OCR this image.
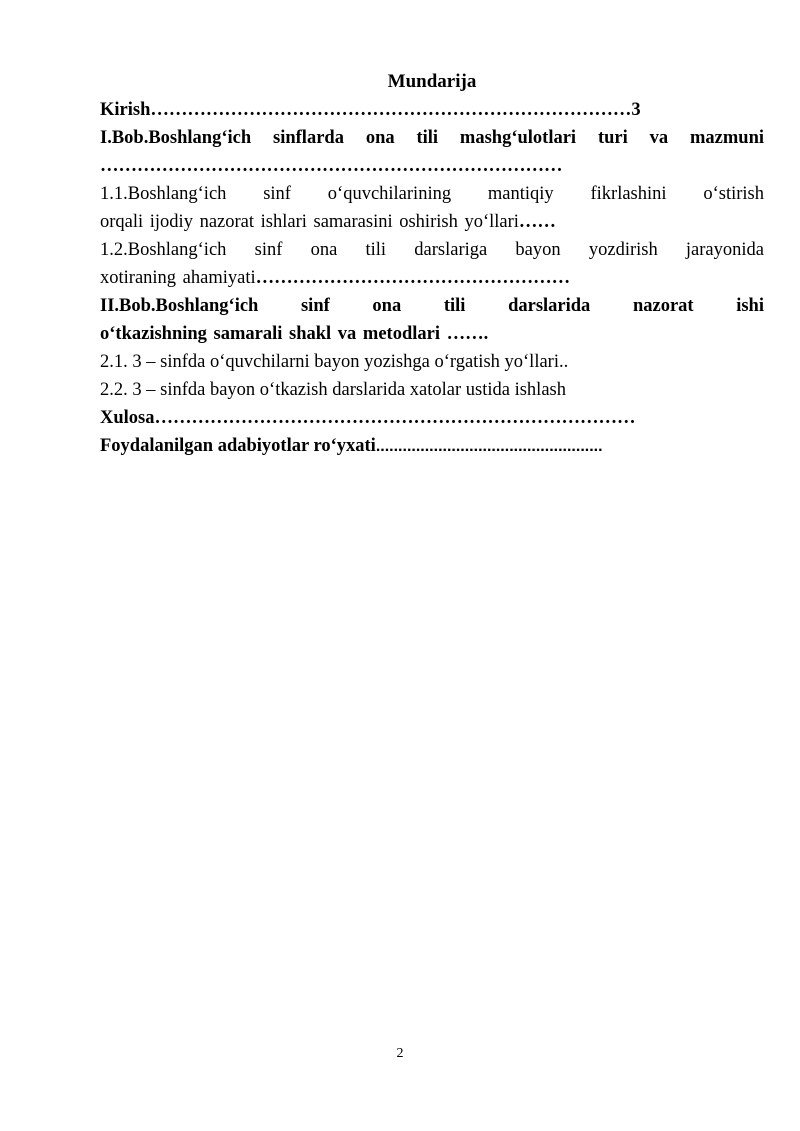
Mundarija
Kirish……………………………………………………………………3
I.Bob.Boshlang‘ich sinflarda ona tili mashg‘ulotlari turi va mazmuni
…………………………………………………………………
1.1.Boshlang‘ich sinf o‘quvchilarining mantiqiy fikrlashini o‘stirish
orqali ijodiy nazorat ishlari samarasini oshirish yo‘llari……
1.2.Boshlang‘ich sinf ona tili darslariga bayon yozdirish jarayonida
xotiraning ahamiyati……………………………………………
II.Bob.Boshlang‘ich sinf ona tili darslarida nazorat ishi
o‘tkazishning samarali shakl va metodlari …….
2.1. 3 – sinfda o‘quvchilarni bayon yozishga o‘rgatish yo‘llari..
2.2. 3 – sinfda bayon o‘tkazish darslarida xatolar ustida ishlash
Xulosa……………………………………………………………………
Foydalanilgan adabiyotlar ro‘yxati...................................................
2
